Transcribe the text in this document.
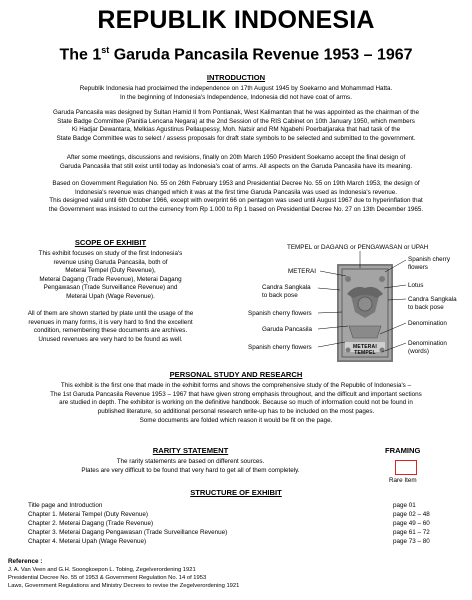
REPUBLIK INDONESIA
The 1st Garuda Pancasila Revenue 1953 – 1967
INTRODUCTION
Republik Indonesia had proclaimed the independence on 17th August 1945 by Soekarno and Mohammad Hatta.
In the beginning of Indonesia's Independence, Indonesia did not have coat of arms.
Garuda Pancasila was designed by Sultan Hamid II from Pontianak, West Kalimantan that he was appointed as the chairman of the
State Badge Committee (Panitia Lencana Negara) at the 2nd Session of the RIS Cabinet on 10th January 1950, which members
Ki Hadjar Dewantara, Melkias Agustinus Pellaupessy, Moh. Natsir and RM Ngabehi Poerbatjaraka that had task of the
State Badge Committee was to select / assess proposals for draft state symbols to be selected and submitted to the government.
After some meetings, discussions and revisions, finally on 20th March 1950 President Soekarno accept the final design of
Garuda Pancasila that still exist until today as Indonesia's coat of arms. All aspects on the Garuda Pancasila have its meaning.
Based on Government Regulation No. 55 on 26th February 1953 and Presidential Decree No. 55 on 19th March 1953, the design of
Indonesia's revenue was changed which it was at the first time Garuda Pancasila was used as Indonesia's revenue.
This designed valid until 6th October 1966, except with overprint 66 on pentagon was used until August 1967 due to hyperinflation that
the Government was insisted to cut the currency from Rp 1.000 to Rp 1 based on Presidential Decree No. 27 on 13th December 1965.
SCOPE OF EXHIBIT
This exhibit focuses on study of the first Indonesia's
revenue using Garuda Pancasila, both of
Meterai Tempel (Duty Revenue),
Meterai Dagang (Trade Revenue), Meterai Dagang
Pengawasan (Trade Surveillance Revenue) and
Meterai Upah (Wage Revenue).
All of them are shown started by plate until the usage of the
revenues in many forms, it is very hard to find the excellent
condition, remembering these documents are archives.
Unused revenues are very hard to be found as well.
TEMPEL or DAGANG or PENGAWASAN or UPAH
METERAI TEMPEL
METERAI
Candra Sangkala
to back pose
Spanish cherry flowers
Garuda Pancasila
Spanish cherry flowers
Spanish cherry
flowers
Lotus
Candra Sangkala
to back pose
Denomination
Denomination
(words)
PERSONAL STUDY AND RESEARCH
This exhibit is the first one that made in the exhibit forms and shows the comprehensive study of the Republic of Indonesia's –
The 1st Garuda Pancasila Revenue 1953 – 1967 that have given strong emphasis throughout, and the difficult and important sections
are studied in depth. The exhibitor is working on the definitive handbook. Because so much of information could not be found in
published literature, so additional personal research write-up has to be included on the most pages.
Some documents are folded which reason it would be fit on the page.
RARITY STATEMENT
The rarity statements are based on different sources.
Plates are very difficult to be found that very hard to get all of them completely.
FRAMING
Rare Item
STRUCTURE OF EXHIBIT
Title page and Introduction	page 01
Chapter 1. Meterai Tempel (Duty Revenue)	page 02 – 48
Chapter 2. Meterai Dagang (Trade Revenue)	page 49 – 60
Chapter 3. Meterai Dagang Pengawasan (Trade Surveillance Revenue)	page 61 – 72
Chapter 4. Meterai Upah (Wage Revenue)	page 73 – 80
Reference :
J. A. Van Veen and G.H. Soongkoepon L. Tobing, Zegelverordening 1921
Presidential Decree No. 55 of 1953 & Government Regulation No. 14 of 1953
Laws, Government Regulations and Ministry Decrees to revise the Zegelverordening 1921
